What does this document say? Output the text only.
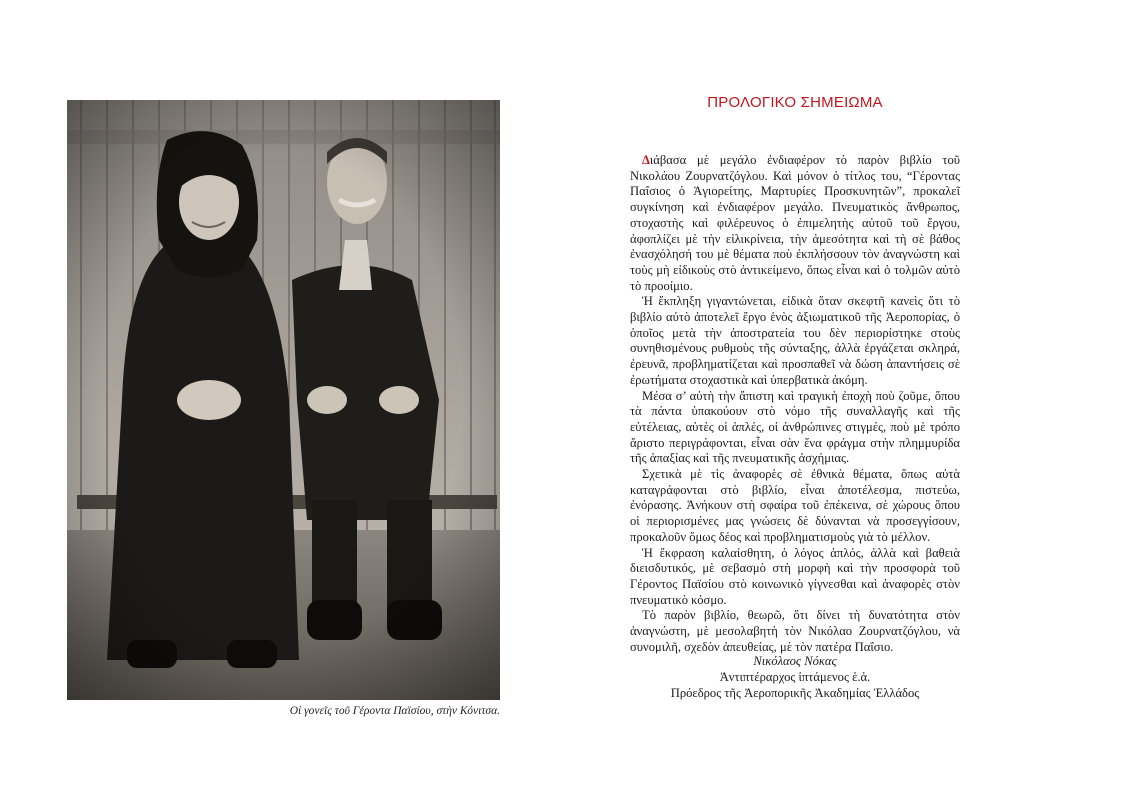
Οἱ γονεῖς τοῦ Γέροντα Παϊσίου, στὴν Κόνιτσα.
ΠΡΟΛΟΓΙΚΟ ΣΗΜΕΙΩΜΑ

Διάβασα μὲ μεγάλο ἐνδιαφέρον τὸ παρὸν βιβλίο τοῦ Νικολάου Ζουρνατζόγλου. Καὶ μόνον ὁ τίτλος του, “Γέροντας Παΐσιος ὁ Ἁγιορείτης, Μαρτυρίες Προσκυνητῶν”, προκαλεῖ συγκίνηση καὶ ἐνδιαφέρον μεγάλο. Πνευματικὸς ἄνθρωπος, στοχαστὴς καὶ φιλέρευνος ὁ ἐπιμελητὴς αὐτοῦ τοῦ ἔργου, ἀφοπλίζει μὲ τὴν εἰλικρίνεια, τὴν ἀμεσότητα καὶ τὴ σὲ βάθος ἐνασχόλησή του μὲ θέματα ποὺ ἐκπλήσσουν τὸν ἀναγνώστη καὶ τοὺς μὴ εἰδικοὺς στὸ ἀντικείμενο, ὅπως εἶναι καὶ ὁ τολμῶν αὐτὸ τὸ προοίμιο.

Ἡ ἔκπληξη γιγαντώνεται, εἰδικὰ ὅταν σκεφτῆ κανεὶς ὅτι τὸ βιβλίο αὐτὸ ἀποτελεῖ ἔργο ἑνὸς ἀξιωματικοῦ τῆς Ἀεροπορίας, ὁ ὁποῖος μετὰ τὴν ἀποστρατεία του δὲν περιορίστηκε στοὺς συνηθισμένους ρυθμοὺς τῆς σύνταξης, ἀλλὰ ἐργάζεται σκληρά, ἐρευνᾶ, προβληματίζεται καὶ προσπαθεῖ νὰ δώση ἀπαντήσεις σὲ ἐρωτήματα στοχαστικὰ καὶ ὑπερβατικὰ ἀκόμη.

Μέσα σ’ αὐτὴ τὴν ἄπιστη καὶ τραγικὴ ἐποχὴ ποὺ ζοῦμε, ὅπου τὰ πάντα ὑπακούουν στὸ νόμο τῆς συναλλαγῆς καὶ τῆς εὐτέλειας, αὐτὲς οἱ ἁπλές, οἱ ἀνθρώπινες στιγμές, ποὺ μὲ τρόπο ἄριστο περιγράφονται, εἶναι σὰν ἕνα φράγμα στὴν πλημμυρίδα τῆς ἀπαξίας καὶ τῆς πνευματικῆς ἀσχήμιας.

Σχετικὰ μὲ τὶς ἀναφορὲς σὲ ἐθνικὰ θέματα, ὅπως αὐτὰ καταγράφονται στὸ βιβλίο, εἶναι ἀποτέλεσμα, πιστεύω, ἐνόρασης. Ἀνήκουν στὴ σφαίρα τοῦ ἐπέκεινα, σὲ χώρους ὅπου οἱ περιορισμένες μας γνώσεις δὲ δύνανται νὰ προσεγγίσουν, προκαλοῦν ὅμως δέος καὶ προβληματισμοὺς γιὰ τὸ μέλλον.

Ἡ ἔκφραση καλαίσθητη, ὁ λόγος ἁπλός, ἀλλὰ καὶ βαθειὰ διεισδυτικός, μὲ σεβασμὸ στὴ μορφὴ καὶ τὴν προσφορὰ τοῦ Γέροντος Παϊσίου στὸ κοινωνικὸ γίγνεσθαι καὶ ἀναφορὲς στὸν πνευματικὸ κόσμο.

Τὸ παρὸν βιβλίο, θεωρῶ, ὅτι δίνει τὴ δυνατότητα στὸν ἀναγνώστη, μὲ μεσολαβητὴ τὸν Νικόλαο Ζουρνατζόγλου, νὰ συνομιλῆ, σχεδὸν ἀπευθείας, μὲ τὸν πατέρα Παΐσιο.

Νικόλαος Νόκας
Ἀντιπτέραρχος ἱπτάμενος ἑ.ἀ.
Πρόεδρος τῆς Ἀεροπορικῆς Ἀκαδημίας Ἑλλάδος
